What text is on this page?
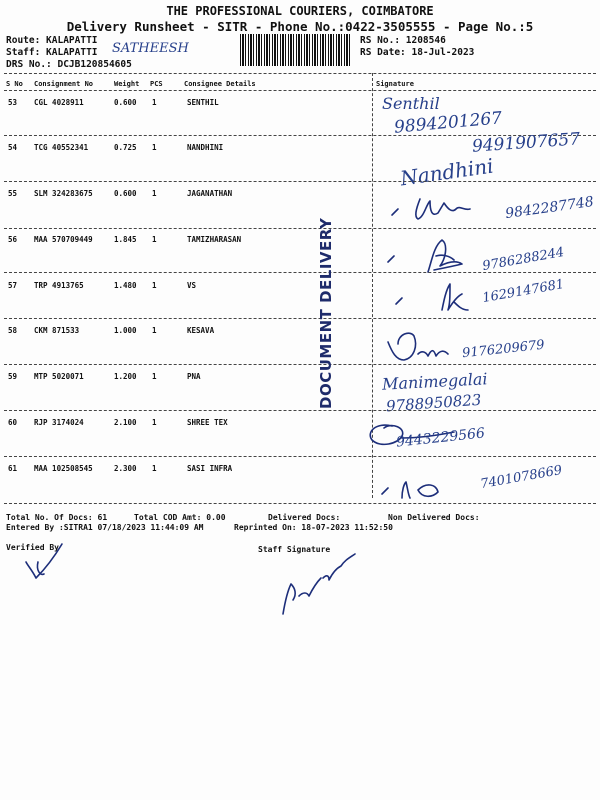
THE PROFESSIONAL COURIERS, COIMBATORE
Delivery Runsheet - SITR - Phone No.:0422-3505555 - Page No.:5
Route: KALAPATTI
Staff: KALAPATTI SATHEESH
DRS No.: DCJB120854605
RS No.: 1208546
RS Date: 18-Jul-2023
S No Consignment No	Weight PCS	Consignee Details	Signature
53 CGL 4028911	0.600 1	SENTHIL	Senthil
9894201267
54 TCG 40552341	0.725 1	NANDHINI	9491907657
Nandhini
55 SLM 324283675	0.600 1	JAGANATHAN
9842287748
56 MAA 570709449	1.845 1	TAMIZHARASAN
9786288244
57 TRP 4913765	1.480 1	VS	1629147681
58 CKM 871533	1.000 1	KESAVA
9176209679
59 MTP 5020071	1.200 1	PNA	Manimegalai
9788950823
60 RJP 3174024	2.100 1	SHREE TEX
9443229566
61 MAA 102508545	2.300 1	SASI INFRA	7401078669
DOCUMENT DELIVERY
Total No. Of Docs: 61	Total COD Amt: 0.00	Delivered Docs:	Non Delivered Docs:
Entered By :SITRA1 07/18/2023 11:44:09 AM	Reprinted On: 18-07-2023 11:52:50
Verified By	Staff Signature
